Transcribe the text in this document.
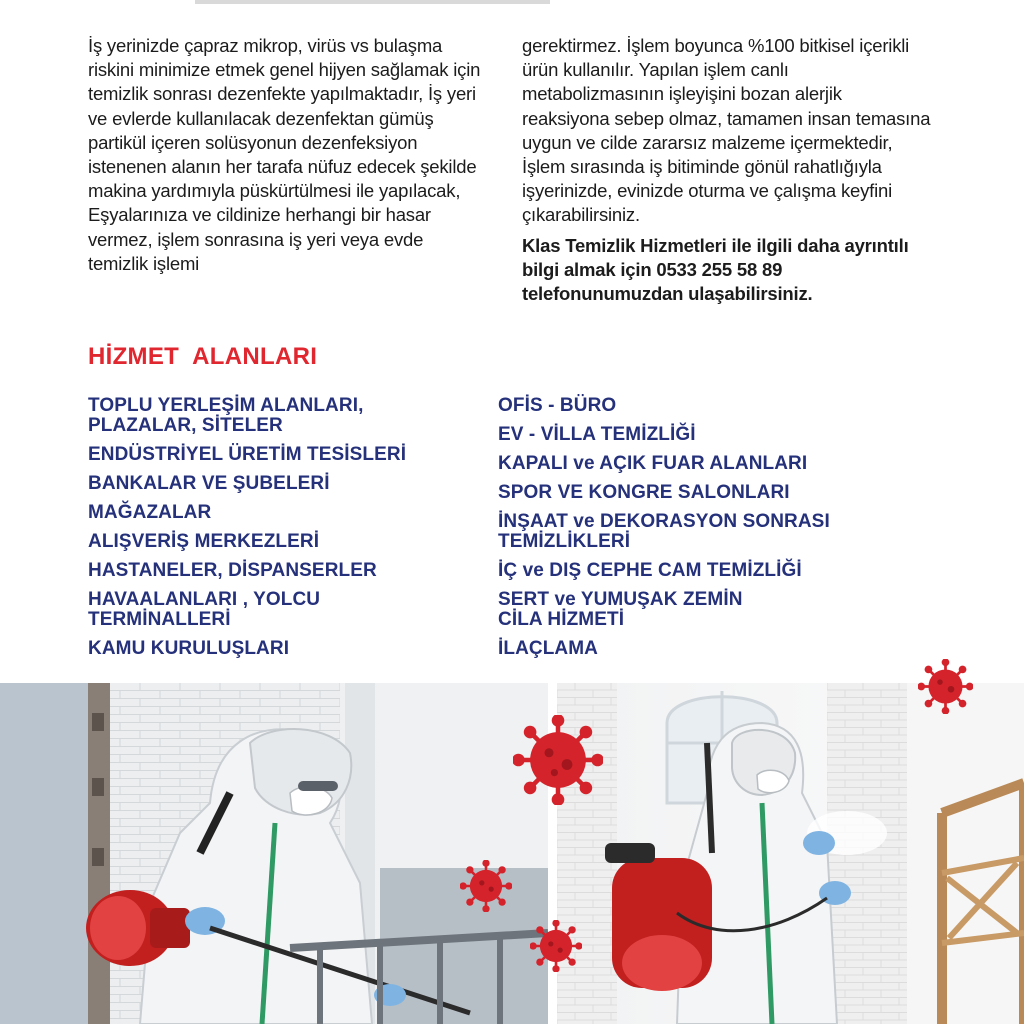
İş yerinizde çapraz mikrop, virüs vs bulaşma riskini minimize etmek genel hijyen sağlamak için temizlik sonrası dezenfekte yapılmaktadır, İş yeri ve evlerde kullanılacak dezenfektan gümüş partikül içeren solüsyonun dezenfeksiyon istenenen alanın her tarafa nüfuz edecek şekilde makina yardımıyla püskürtülmesi ile yapılacak, Eşyalarınıza ve cildinize herhangi bir hasar vermez, işlem sonrasına iş yeri veya evde temizlik işlemi

gerektirmez. İşlem boyunca %100 bitkisel içerikli ürün kullanılır. Yapılan işlem canlı metabolizmasının işleyişini bozan alerjik reaksiyona sebep olmaz, tamamen insan temasına uygun ve cilde zararsız malzeme içermektedir, İşlem sırasında iş bitiminde gönül rahatlığıyla işyerinizde, evinizde oturma ve çalışma keyfini çıkarabilirsiniz.

Klas Temizlik Hizmetleri ile ilgili daha ayrıntılı bilgi almak için 0533 255 58 89 telefonunumuzdan ulaşabilirsiniz.

HİZMET  ALANLARI
TOPLU YERLEŞİM ALANLARI,
PLAZALAR, SİTELER
ENDÜSTRİYEL ÜRETİM TESİSLERİ
BANKALAR VE ŞUBELERİ
MAĞAZALAR
ALIŞVERİŞ MERKEZLERİ
HASTANELER, DİSPANSERLER
HAVAALANLARI , YOLCU
TERMİNALLERİ
KAMU KURULUŞLARI
OFİS - BÜRO
EV - VİLLA TEMİZLİĞİ
KAPALI ve AÇIK FUAR ALANLARI
SPOR VE KONGRE SALONLARI
İNŞAAT ve DEKORASYON SONRASI
TEMİZLİKLERİ
İÇ ve DIŞ CEPHE CAM TEMİZLİĞİ
SERT ve YUMUŞAK ZEMİN
CİLA HİZMETİ
İLAÇLAMA
